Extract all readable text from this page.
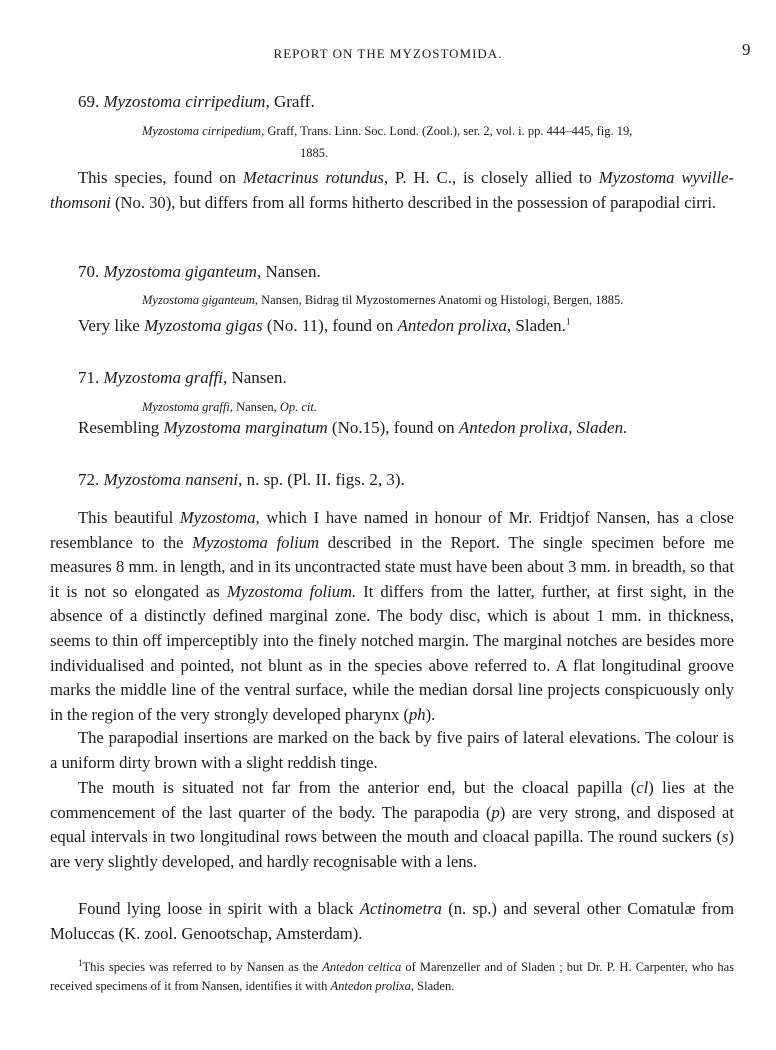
REPORT ON THE MYZOSTOMIDA.	9
69. Myzostoma cirripedium, Graff.
Myzostoma cirripedium, Graff, Trans. Linn. Soc. Lond. (Zool.), ser. 2, vol. i. pp. 444–445, fig. 19,
1885.

This species, found on Metacrinus rotundus, P. H. C., is closely allied to Myzostoma wyville-thomsoni (No. 30), but differs from all forms hitherto described in the possession of parapodial cirri.

70. Myzostoma giganteum, Nansen.
Myzostoma giganteum, Nansen, Bidrag til Myzostomernes Anatomi og Histologi, Bergen, 1885.
Very like Myzostoma gigas (No. 11), found on Antedon prolixa, Sladen.$^1$
71. Myzostoma graffi, Nansen.
Myzostoma graffi, Nansen, Op. cit.
Resembling Myzostoma marginatum (No.15), found on Antedon prolixa, Sladen.
72. Myzostoma nanseni, n. sp. (Pl. II. figs. 2, 3).

This beautiful Myzostoma, which I have named in honour of Mr. Fridtjof Nansen, has a close resemblance to the Myzostoma folium described in the Report. The single specimen before me measures 8 mm. in length, and in its uncontracted state must have been about 3 mm. in breadth, so that it is not so elongated as Myzostoma folium. It differs from the latter, further, at first sight, in the absence of a distinctly defined marginal zone. The body disc, which is about 1 mm. in thickness, seems to thin off imperceptibly into the finely notched margin. The marginal notches are besides more individualised and pointed, not blunt as in the species above referred to. A flat longitudinal groove marks the middle line of the ventral surface, while the median dorsal line projects conspicuously only in the region of the very strongly developed pharynx (ph).

The parapodial insertions are marked on the back by five pairs of lateral elevations. The colour is a uniform dirty brown with a slight reddish tinge.

The mouth is situated not far from the anterior end, but the cloacal papilla (cl) lies at the commencement of the last quarter of the body. The parapodia (p) are very strong, and disposed at equal intervals in two longitudinal rows between the mouth and cloacal papilla. The round suckers (s) are very slightly developed, and hardly recognisable with a lens.

Found lying loose in spirit with a black Actinometra (n. sp.) and several other Comatulæ from Moluccas (K. zool. Genootschap, Amsterdam).

$^1$This species was referred to by Nansen as the Antedon celtica of Marenzeller and of Sladen ; but Dr. P. H. Carpenter, who has received specimens of it from Nansen, identifies it with Antedon prolixa, Sladen.
